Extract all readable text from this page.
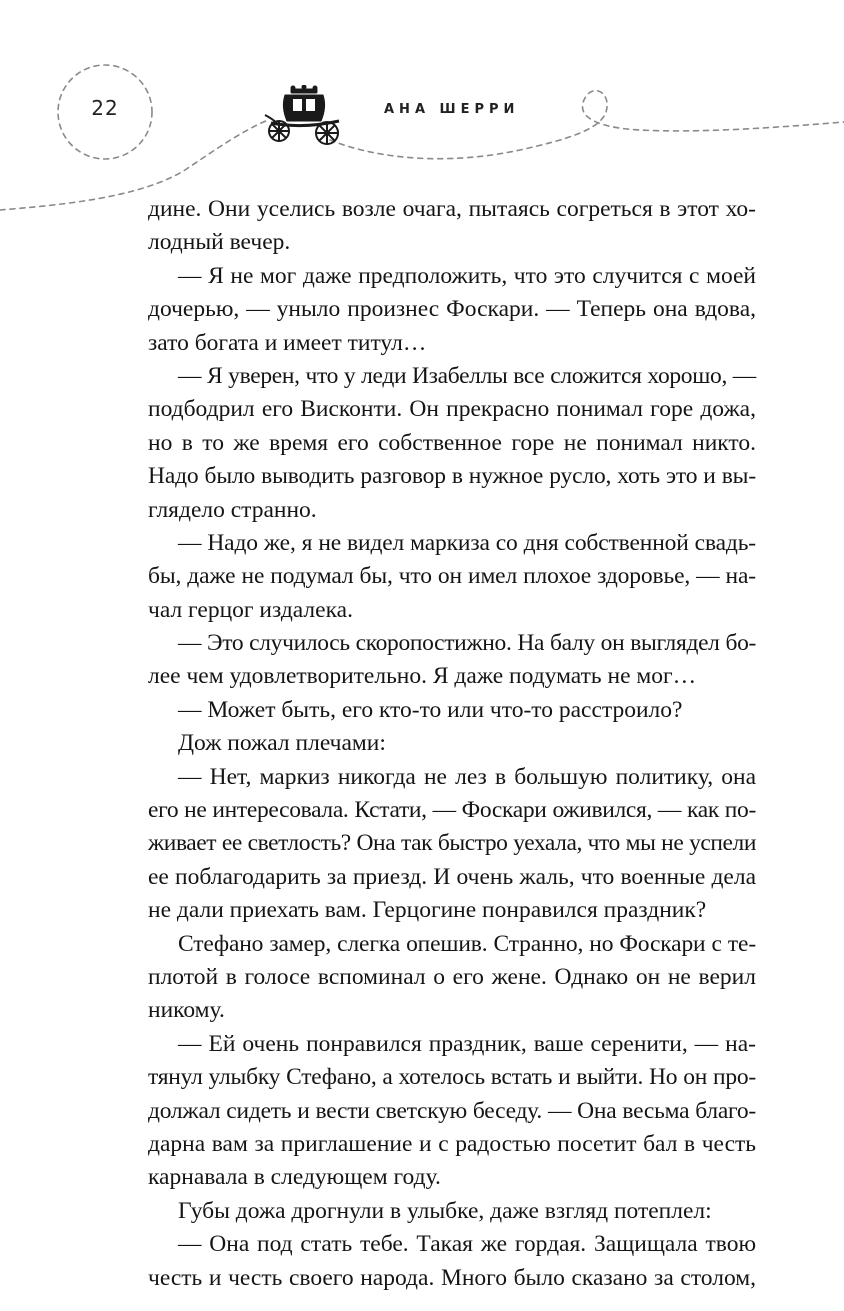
22	АНА ШЕРРИ
дине. Они уселись возле очага, пытаясь согреться в этот хо-
лодный вечер.
— Я не мог даже предположить, что это случится с моей
дочерью, — уныло произнес Фоскари. — Теперь она вдова,
зато богата и имеет титул…
— Я уверен, что у леди Изабеллы все сложится хорошо, —
подбодрил его Висконти. Он прекрасно понимал горе дожа,
но в то же время его собственное горе не понимал никто.
Надо было выводить разговор в нужное русло, хоть это и вы-
глядело странно.
— Надо же, я не видел маркиза со дня собственной свадь-
бы, даже не подумал бы, что он имел плохое здоровье, — на-
чал герцог издалека.
— Это случилось скоропостижно. На балу он выглядел бо-
лее чем удовлетворительно. Я даже подумать не мог…
— Может быть, его кто-то или что-то расстроило?
Дож пожал плечами:
— Нет, маркиз никогда не лез в большую политику, она
его не интересовала. Кстати, — Фоскари оживился, — как по-
живает ее светлость? Она так быстро уехала, что мы не успели
ее поблагодарить за приезд. И очень жаль, что военные дела
не дали приехать вам. Герцогине понравился праздник?
Стефано замер, слегка опешив. Странно, но Фоскари с те-
плотой в голосе вспоминал о его жене. Однако он не верил
никому.
— Ей очень понравился праздник, ваше серенити, — на-
тянул улыбку Стефано, а хотелось встать и выйти. Но он про-
должал сидеть и вести светскую беседу. — Она весьма благо-
дарна вам за приглашение и с радостью посетит бал в честь
карнавала в следующем году.
Губы дожа дрогнули в улыбке, даже взгляд потеплел:
— Она под стать тебе. Такая же гордая. Защищала твою
честь и честь своего народа. Много было сказано за столом,
